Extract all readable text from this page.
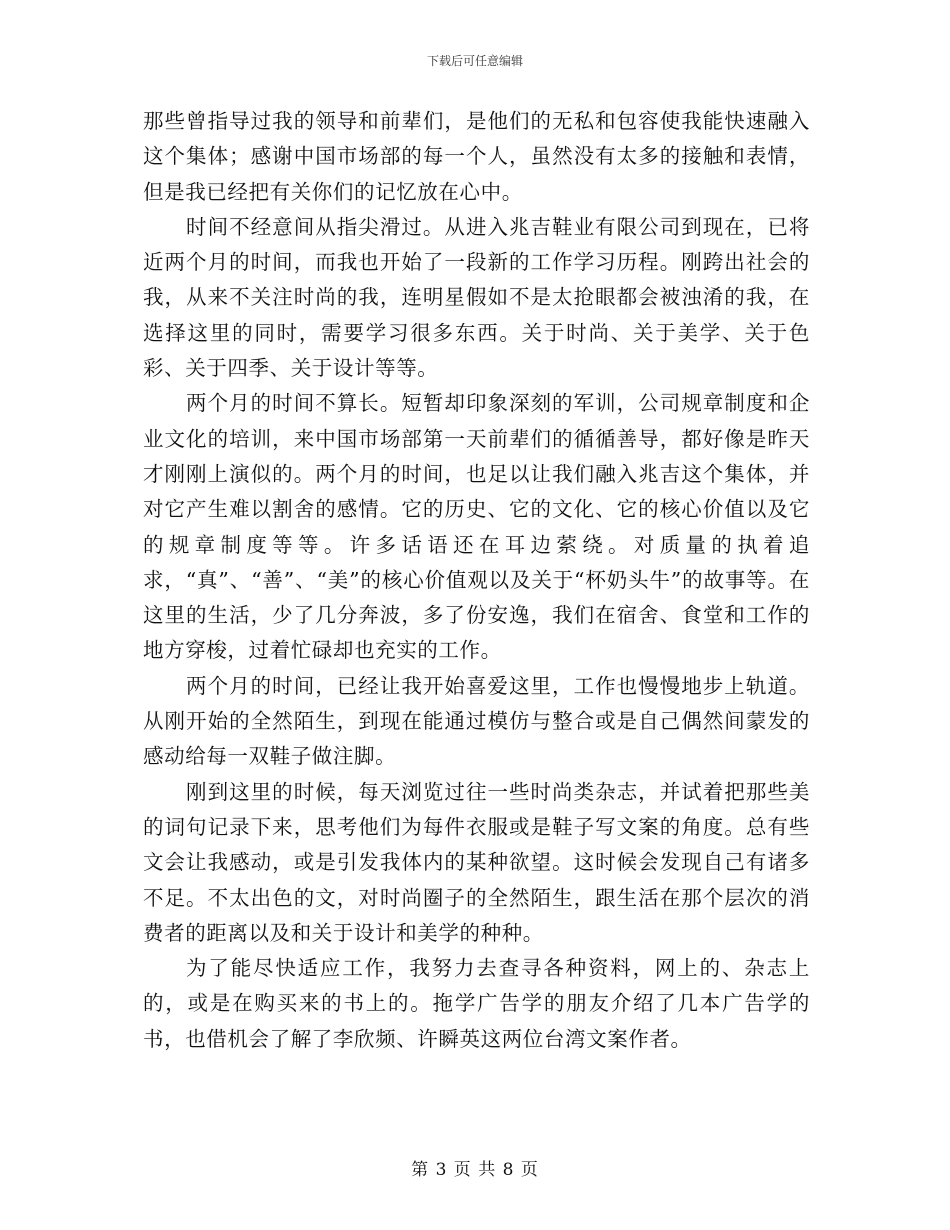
下载后可任意编辑

那些曾指导过我的领导和前辈们，是他们的无私和包容使我能快速融入这个集体；感谢中国市场部的每一个人，虽然没有太多的接触和表情，但是我已经把有关你们的记忆放在心中。

时间不经意间从指尖滑过。从进入兆吉鞋业有限公司到现在，已将近两个月的时间，而我也开始了一段新的工作学习历程。刚跨出社会的我，从来不关注时尚的我，连明星假如不是太抢眼都会被浊淆的我，在选择这里的同时，需要学习很多东西。关于时尚、关于美学、关于色彩、关于四季、关于设计等等。

两个月的时间不算长。短暂却印象深刻的军训，公司规章制度和企业文化的培训，来中国市场部第一天前辈们的循循善导，都好像是昨天才刚刚上演似的。两个月的时间，也足以让我们融入兆吉这个集体，并对它产生难以割舍的感情。它的历史、它的文化、它的核心价值以及它的规章制度等等。许多话语还在耳边萦绕。对质量的执着追求，“真”、“善”、“美”的核心价值观以及关于“杯奶头牛”的故事等。在这里的生活，少了几分奔波，多了份安逸，我们在宿舍、食堂和工作的地方穿梭，过着忙碌却也充实的工作。

两个月的时间，已经让我开始喜爱这里，工作也慢慢地步上轨道。从刚开始的全然陌生，到现在能通过模仿与整合或是自己偶然间蒙发的感动给每一双鞋子做注脚。

刚到这里的时候，每天浏览过往一些时尚类杂志，并试着把那些美的词句记录下来，思考他们为每件衣服或是鞋子写文案的角度。总有些文会让我感动，或是引发我体内的某种欲望。这时候会发现自己有诸多不足。不太出色的文，对时尚圈子的全然陌生，跟生活在那个层次的消费者的距离以及和关于设计和美学的种种。

为了能尽快适应工作，我努力去查寻各种资料，网上的、杂志上的，或是在购买来的书上的。拖学广告学的朋友介绍了几本广告学的书，也借机会了解了李欣频、许瞬英这两位台湾文案作者。

第 3 页 共 8 页
